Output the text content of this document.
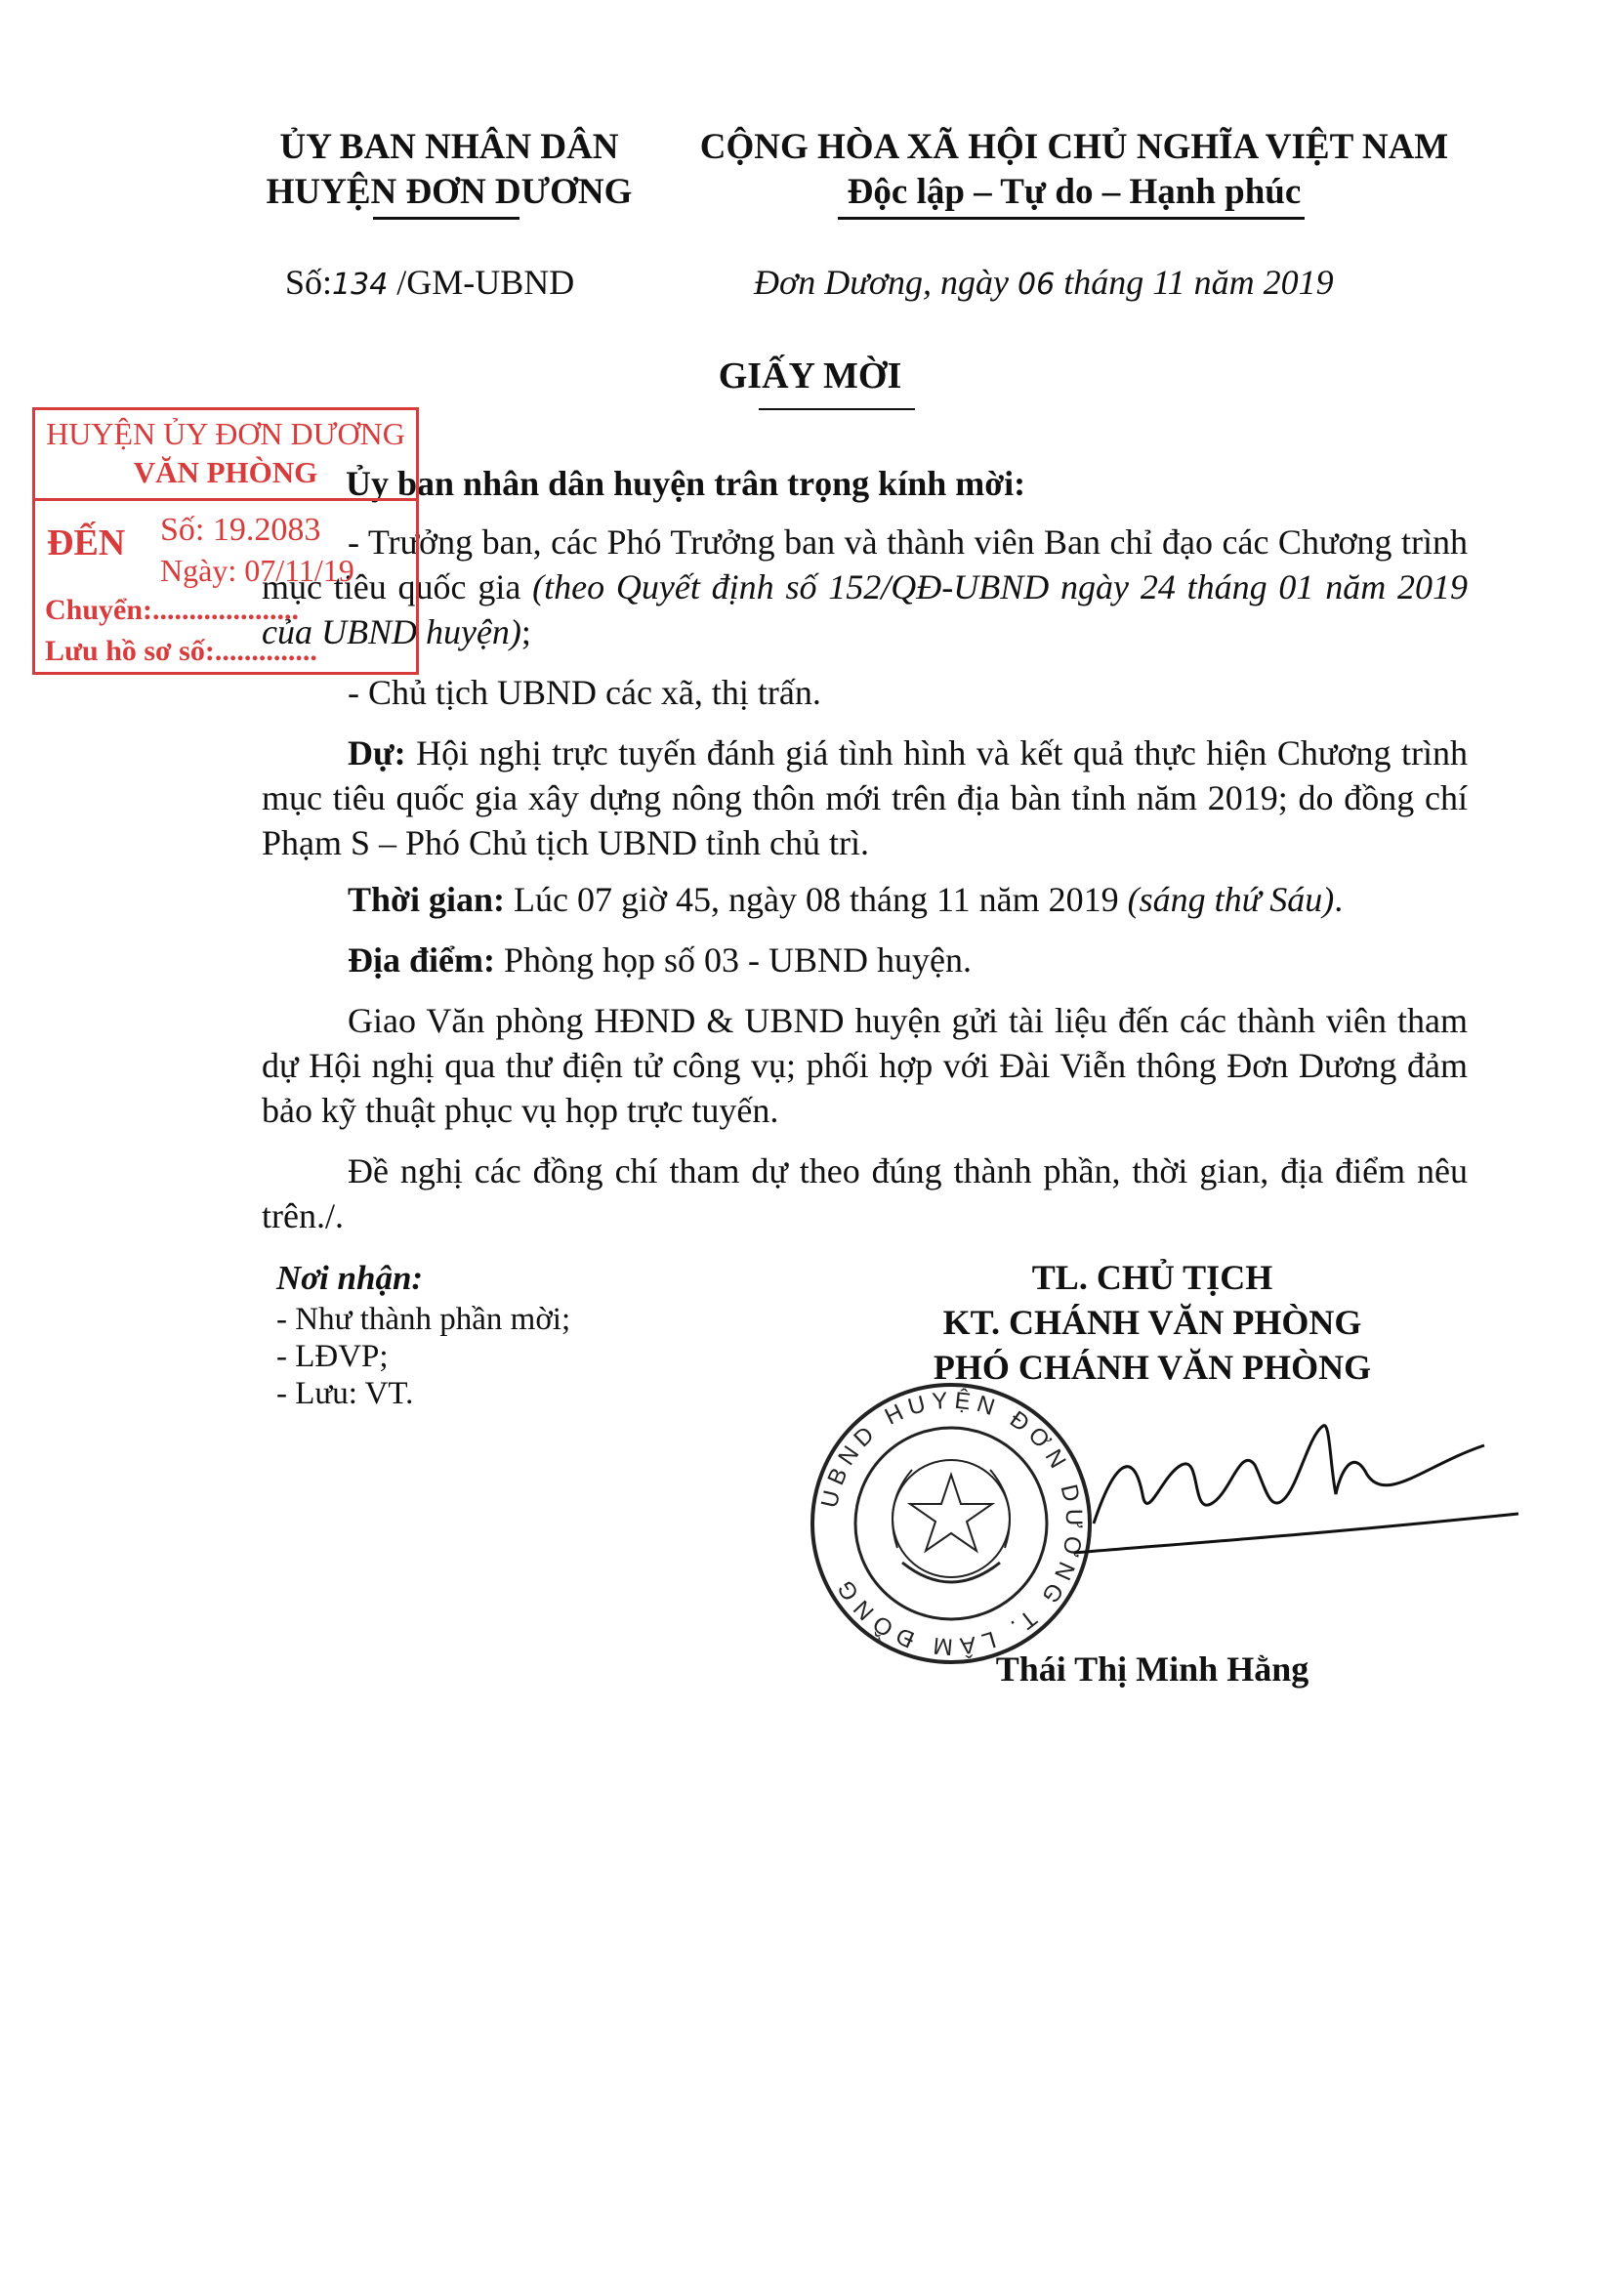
ỦY BAN NHÂN DÂN
HUYỆN ĐƠN DƯƠNG
CỘNG HÒA XÃ HỘI CHỦ NGHĨA VIỆT NAM
Độc lập – Tự do – Hạnh phúc
Số:134 /GM-UBND	Đơn Dương, ngày 06 tháng 11 năm 2019
GIẤY MỜI
Ủy ban nhân dân huyện trân trọng kính mời:
- Trưởng ban, các Phó Trưởng ban và thành viên Ban chỉ đạo các Chương trình mục tiêu quốc gia (theo Quyết định số 152/QĐ-UBND ngày 24 tháng 01 năm 2019 của UBND huyện);
- Chủ tịch UBND các xã, thị trấn.
Dự: Hội nghị trực tuyến đánh giá tình hình và kết quả thực hiện Chương trình mục tiêu quốc gia xây dựng nông thôn mới trên địa bàn tỉnh năm 2019; do đồng chí Phạm S – Phó Chủ tịch UBND tỉnh chủ trì.
Thời gian: Lúc 07 giờ 45, ngày 08 tháng 11 năm 2019 (sáng thứ Sáu).
Địa điểm: Phòng họp số 03 - UBND huyện.
Giao Văn phòng HĐND & UBND huyện gửi tài liệu đến các thành viên tham dự Hội nghị qua thư điện tử công vụ; phối hợp với Đài Viễn thông Đơn Dương đảm bảo kỹ thuật phục vụ họp trực tuyến.
Đề nghị các đồng chí tham dự theo đúng thành phần, thời gian, địa điểm nêu trên./.
Nơi nhận:
- Như thành phần mời;
- LĐVP;
- Lưu: VT.
TL. CHỦ TỊCH
KT. CHÁNH VĂN PHÒNG
PHÓ CHÁNH VĂN PHÒNG
UBND HUYỆN ĐƠN DƯƠNG T. LÂM ĐỒNG
Thái Thị Minh Hằng
HUYỆN ỦY ĐƠN DƯƠNG
VĂN PHÒNG
ĐẾN Số: 19.2083
Ngày: 07/11/19
Chuyển:....................
Lưu hồ sơ số:..............
